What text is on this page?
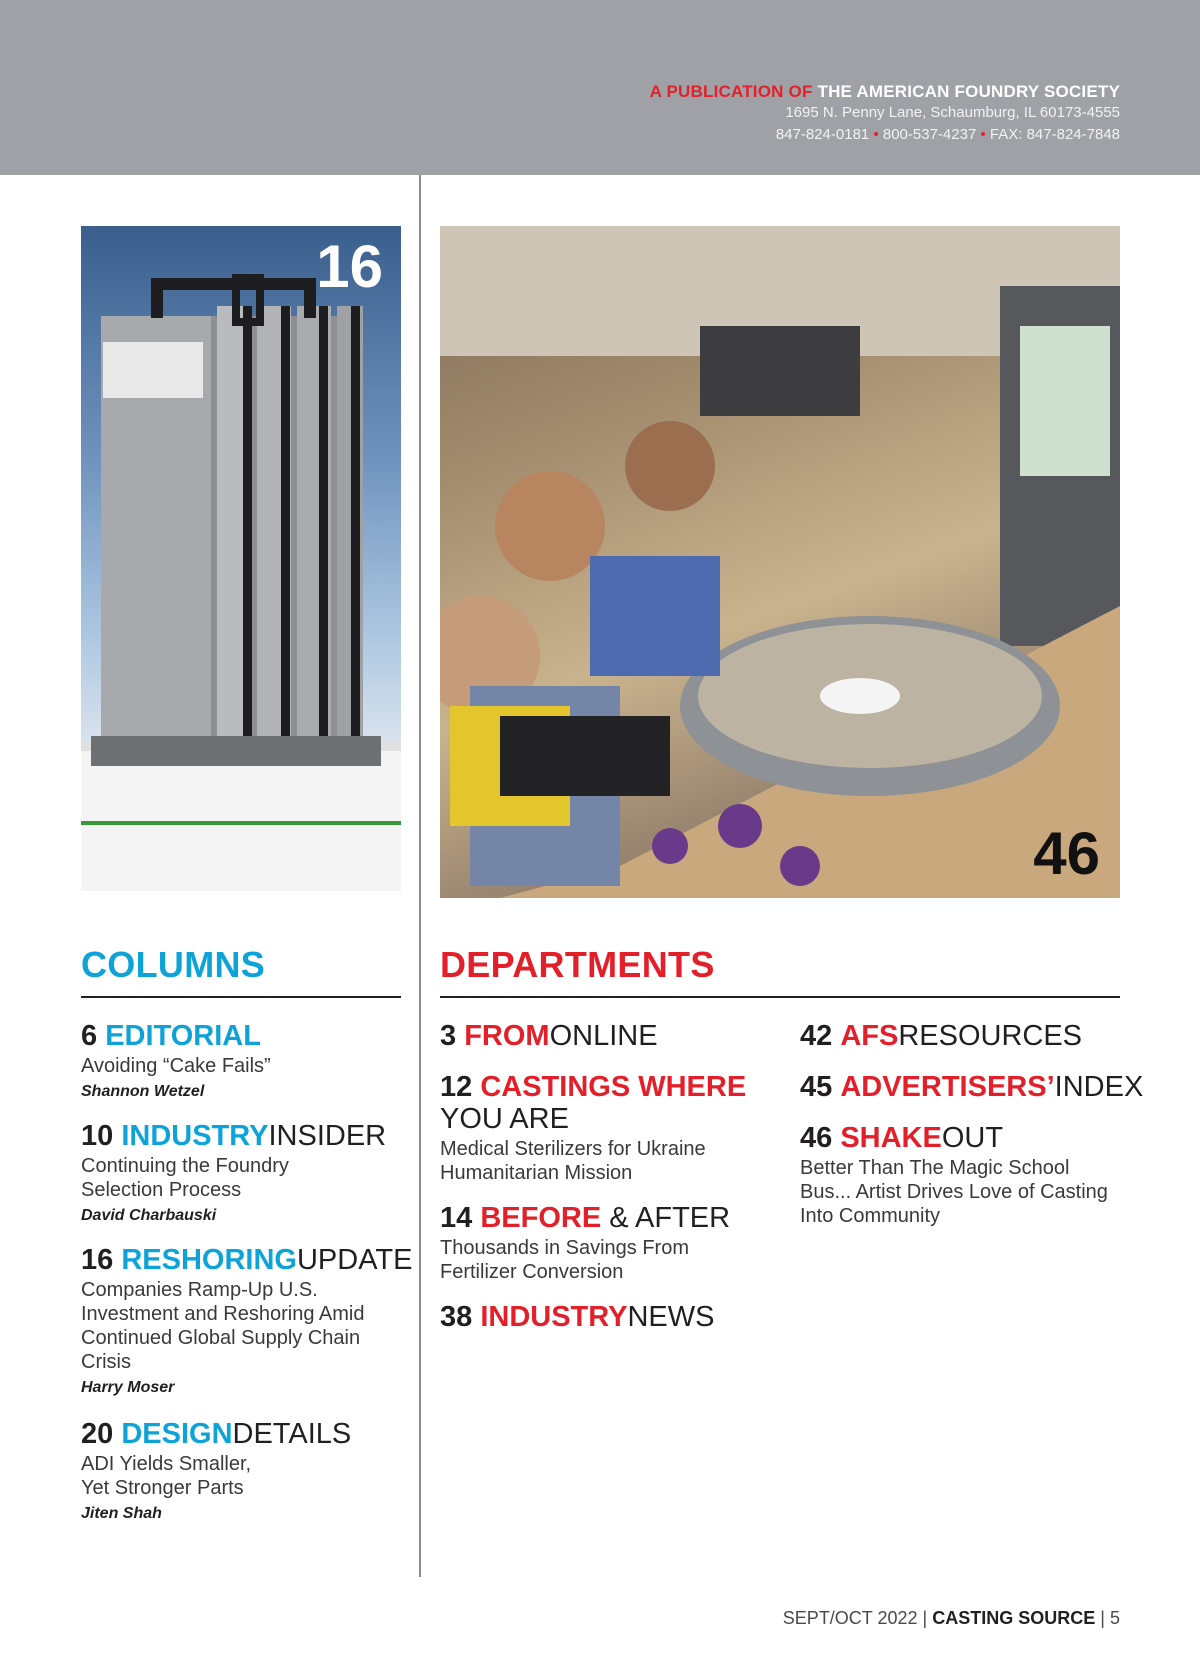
A PUBLICATION OF THE AMERICAN FOUNDRY SOCIETY
1695 N. Penny Lane, Schaumburg, IL 60173-4555
847-824-0181 • 800-537-4237 • FAX: 847-824-7848
16
46
COLUMNS	DEPARTMENTS
6 EDITORIAL
Avoiding “Cake Fails”
Shannon Wetzel
10 INDUSTRYINSIDER
Continuing the Foundry Selection Process
David Charbauski
16 RESHORINGUPDATE
Companies Ramp-Up U.S. Investment and Reshoring Amid Continued Global Supply Chain Crisis
Harry Moser
20 DESIGNDETAILS
ADI Yields Smaller, Yet Stronger Parts
Jiten Shah
3 FROMONLINE
12 CASTINGS WHERE
YOU ARE
Medical Sterilizers for Ukraine Humanitarian Mission
14 BEFORE & AFTER
Thousands in Savings From Fertilizer Conversion
38 INDUSTRYNEWS
42 AFSRESOURCES
45 ADVERTISERS’INDEX
46 SHAKEOUT
Better Than The Magic School Bus... Artist Drives Love of Casting Into Community
SEPT/OCT 2022 | CASTING SOURCE | 5
